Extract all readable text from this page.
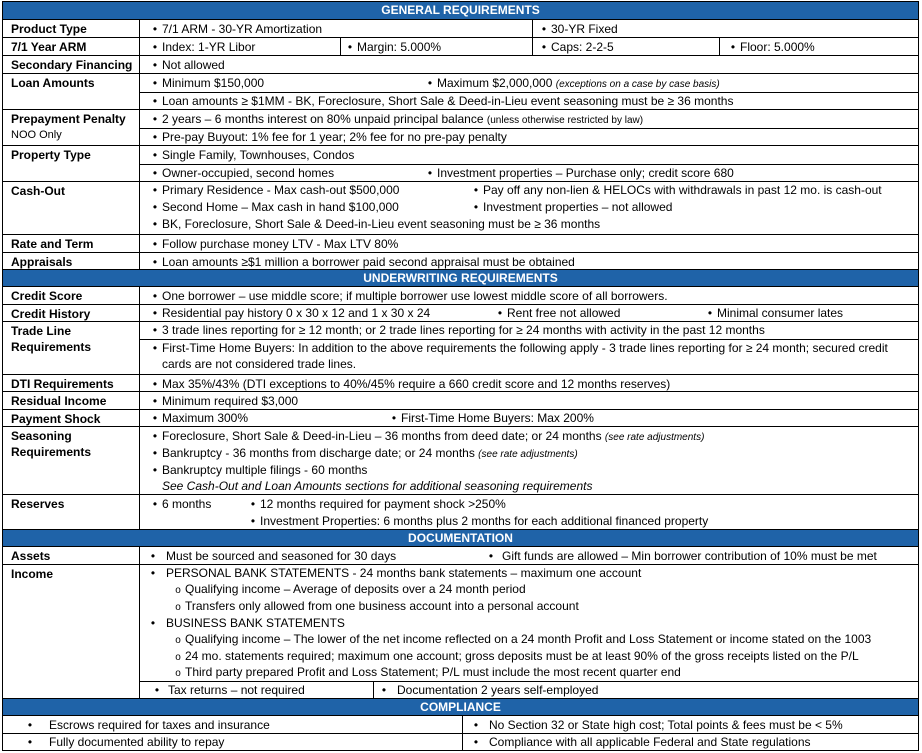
GENERAL REQUIREMENTS
Product Type	• 7/1 ARM - 30-YR Amortization	• 30-YR Fixed
7/1 Year ARM	• Index: 1-YR Libor	• Margin: 5.000%	• Caps: 2-2-5	• Floor: 5.000%
Secondary Financing	• Not allowed
Loan Amounts	• Minimum $150,000	• Maximum $2,000,000 (exceptions on a case by case basis)
• Loan amounts ≥ $1MM - BK, Foreclosure, Short Sale & Deed-in-Lieu event seasoning must be ≥ 36 months
Prepayment Penalty
NOO Only
• 2 years – 6 months interest on 80% unpaid principal balance (unless otherwise restricted by law)
• Pre-pay Buyout: 1% fee for 1 year; 2% fee for no pre-pay penalty
Property Type	• Single Family, Townhouses, Condos
• Owner-occupied, second homes	• Investment properties – Purchase only; credit score 680
Cash-Out	• Primary Residence - Max cash-out $500,000	• Pay off any non-lien & HELOCs with withdrawals in past 12 mo. is cash-out
• Second Home – Max cash in hand $100,000	• Investment properties – not allowed
• BK, Foreclosure, Short Sale & Deed-in-Lieu event seasoning must be ≥ 36 months
Rate and Term	• Follow purchase money LTV - Max LTV 80%
Appraisals	• Loan amounts ≥$1 million a borrower paid second appraisal must be obtained
UNDERWRITING REQUIREMENTS
Credit Score	• One borrower – use middle score; if multiple borrower use lowest middle score of all borrowers.
Credit History	• Residential pay history 0 x 30 x 12 and 1 x 30 x 24	• Rent free not allowed	• Minimal consumer lates
Trade Line
Requirements
• 3 trade lines reporting for ≥ 12 month; or 2 trade lines reporting for ≥ 24 months with activity in the past 12 months
• First-Time Home Buyers: In addition to the above requirements the following apply - 3 trade lines reporting for ≥ 24 month; secured credit
cards are not considered trade lines.
DTI Requirements	• Max 35%/43% (DTI exceptions to 40%/45% require a 660 credit score and 12 months reserves)
Residual Income	• Minimum required $3,000
Payment Shock	• Maximum 300%	• First-Time Home Buyers: Max 200%
Seasoning
Requirements
• Foreclosure, Short Sale & Deed-in-Lieu – 36 months from deed date; or 24 months (see rate adjustments)
• Bankruptcy - 36 months from discharge date; or 24 months (see rate adjustments)
• Bankruptcy multiple filings - 60 months
See Cash-Out and Loan Amounts sections for additional seasoning requirements
Reserves	• 6 months	• 12 months required for payment shock >250%
• Investment Properties: 6 months plus 2 months for each additional financed property
DOCUMENTATION
Assets •	Must be sourced and seasoned for 30 days •	Gift funds are allowed – Min borrower contribution of 10% must be met
Income •	PERSONAL BANK STATEMENTS - 24 months bank statements – maximum one account
o Qualifying income – Average of deposits over a 24 month period
o Transfers only allowed from one business account into a personal account
• BUSINESS BANK STATEMENTS
o Qualifying income – The lower of the net income reflected on a 24 month Profit and Loss Statement or income stated on the 1003
o 24 mo. statements required; maximum one account; gross deposits must be at least 90% of the gross receipts listed on the P/L
o Third party prepared Profit and Loss Statement; P/L must include the most recent quarter end
• Tax returns – not required •	Documentation 2 years self-employed
COMPLIANCE
• Escrows required for taxes and insurance •	No Section 32 or State high cost; Total points & fees must be < 5%
• Fully documented ability to repay •	Compliance with all applicable Federal and State regulations
